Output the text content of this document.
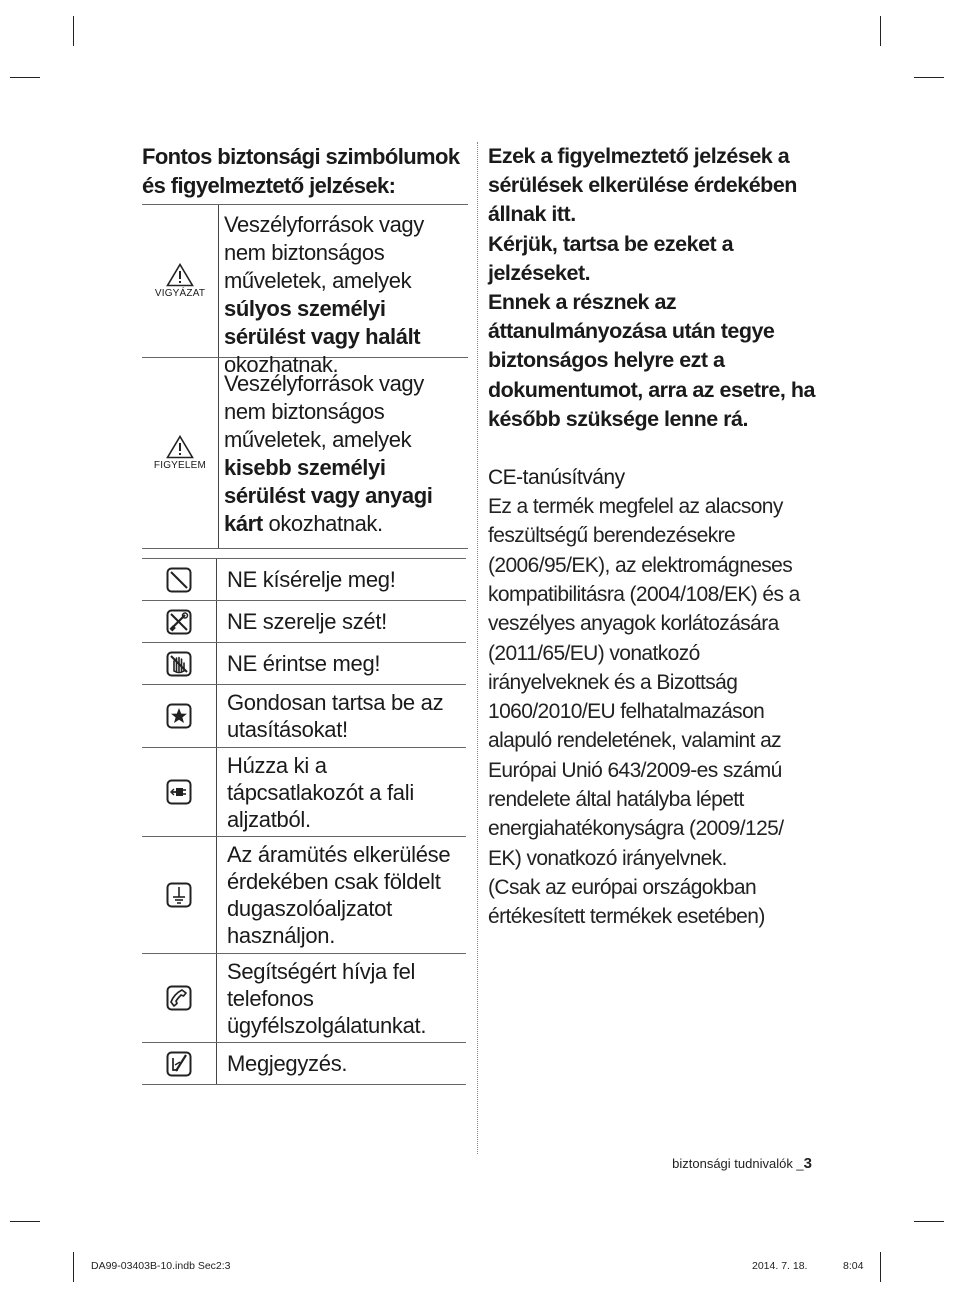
Fontos biztonsági szimbólumok
és figyelmeztető jelzések:
VIGYÁZAT
Veszélyforrások vagy nem biztonságos műveletek, amelyek súlyos személyi sérülést vagy halált okozhatnak.
FIGYELEM
Veszélyforrások vagy nem biztonságos műveletek, amelyek kisebb személyi sérülést vagy anyagi kárt okozhatnak.
NE kísérelje meg!
NE szerelje szét!
NE érintse meg!
Gondosan tartsa be az utasításokat!
Húzza ki a tápcsatlakozót a fali aljzatból.
Az áramütés elkerülése érdekében csak földelt dugaszolóaljzatot használjon.
Segítségért hívja fel telefonos ügyfélszolgálatunkat.
Megjegyzés.
Ezek a figyelmeztető jelzések a sérülések elkerülése érdekében állnak itt.
Kérjük, tartsa be ezeket a jelzéseket.
Ennek a résznek az áttanulmányozása után tegye biztonságos helyre ezt a dokumentumot, arra az esetre, ha később szüksége lenne rá.
CE-tanúsítvány
Ez a termék megfelel az alacsony feszültségű berendezésekre (2006/95/EK), az elektromágneses kompatibilitásra (2004/108/EK) és a veszélyes anyagok korlátozására (2011/65/EU) vonatkozó irányelveknek és a Bizottság 1060/2010/EU felhatalmazáson alapuló rendeletének, valamint az Európai Unió 643/2009-es számú rendelete által hatályba lépett energiahatékonyságra (2009/125/ EK) vonatkozó irányelvnek.
(Csak az európai országokban értékesített termékek esetében)
biztonsági tudnivalók _3
DA99-03403B-10.indb Sec2:3	2014. 7. 18.	8:04
